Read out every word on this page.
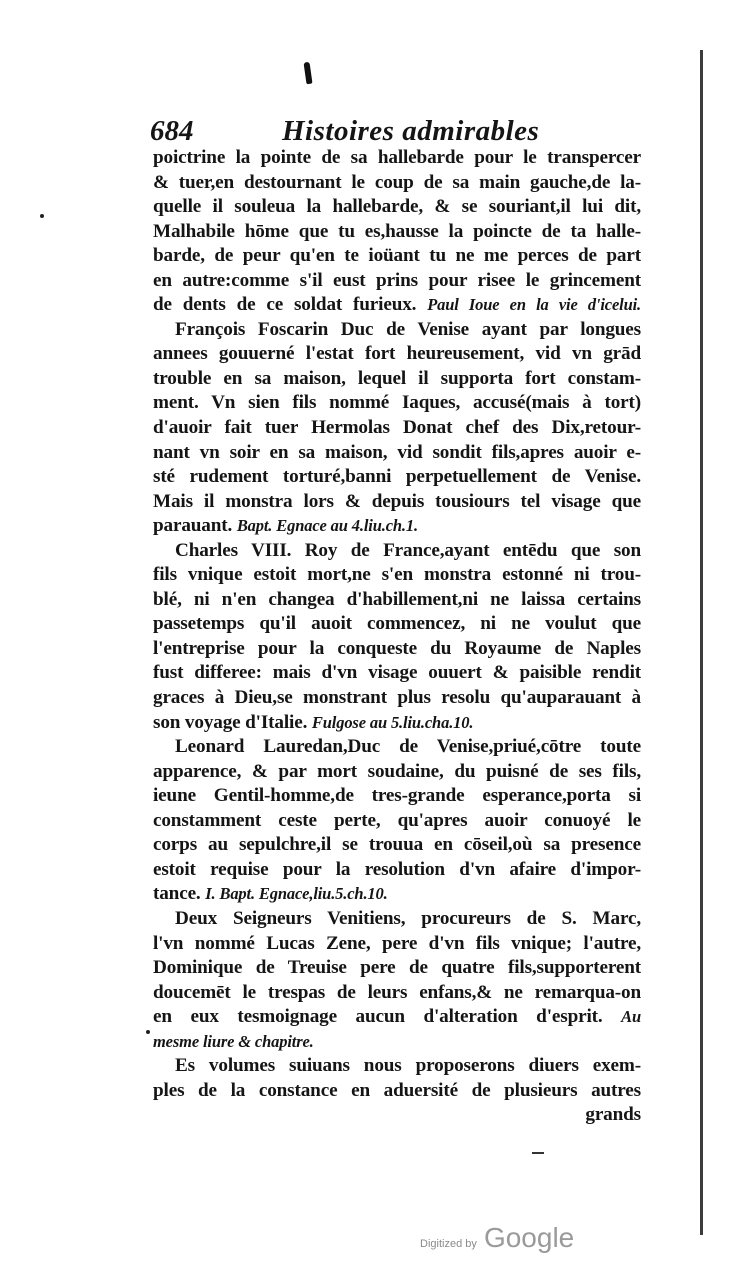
684	Histoires admirables
poictrine la pointe de sa hallebarde pour le transpercer
& tuer,en destournant le coup de sa main gauche,de la-
quelle il souleua la hallebarde, & se souriant,il lui dit,
Malhabile hōme que tu es,hausse la poincte de ta halle-
barde, de peur qu'en te ioüant tu ne me perces de part
en autre:comme s'il eust prins pour risee le grincement
de dents de ce soldat furieux. Paul Ioue en la vie d'icelui.
François Foscarin Duc de Venise ayant par longues
annees gouuerné l'estat fort heureusement, vid vn grād
trouble en sa maison, lequel il supporta fort constam-
ment. Vn sien fils nommé Iaques, accusé(mais à tort)
d'auoir fait tuer Hermolas Donat chef des Dix,retour-
nant vn soir en sa maison, vid sondit fils,apres auoir e-
sté rudement torturé,banni perpetuellement de Venise.
Mais il monstra lors & depuis tousiours tel visage que
parauant. Bapt. Egnace au 4.liu.ch.1.
Charles VIII. Roy de France,ayant entēdu que son
fils vnique estoit mort,ne s'en monstra estonné ni trou-
blé, ni n'en changea d'habillement,ni ne laissa certains
passetemps qu'il auoit commencez, ni ne voulut que
l'entreprise pour la conqueste du Royaume de Naples
fust differee: mais d'vn visage ouuert & paisible rendit
graces à Dieu,se monstrant plus resolu qu'auparauant à
son voyage d'Italie. Fulgose au 5.liu.cha.10.
Leonard Lauredan,Duc de Venise,priué,cōtre toute
apparence, & par mort soudaine, du puisné de ses fils,
ieune Gentil-homme,de tres-grande esperance,porta si
constamment ceste perte, qu'apres auoir conuoyé le
corps au sepulchre,il se trouua en cōseil,où sa presence
estoit requise pour la resolution d'vn afaire d'impor-
tance. I. Bapt. Egnace,liu.5.ch.10.
Deux Seigneurs Venitiens, procureurs de S. Marc,
l'vn nommé Lucas Zene, pere d'vn fils vnique; l'autre,
Dominique de Treuise pere de quatre fils,supporterent
doucemēt le trespas de leurs enfans,& ne remarqua-on
en eux tesmoignage aucun d'alteration d'esprit. Au
mesme liure & chapitre.
Es volumes suiuans nous proposerons diuers exem-
ples de la constance en aduersité de plusieurs autres
grands
Digitized by Google
